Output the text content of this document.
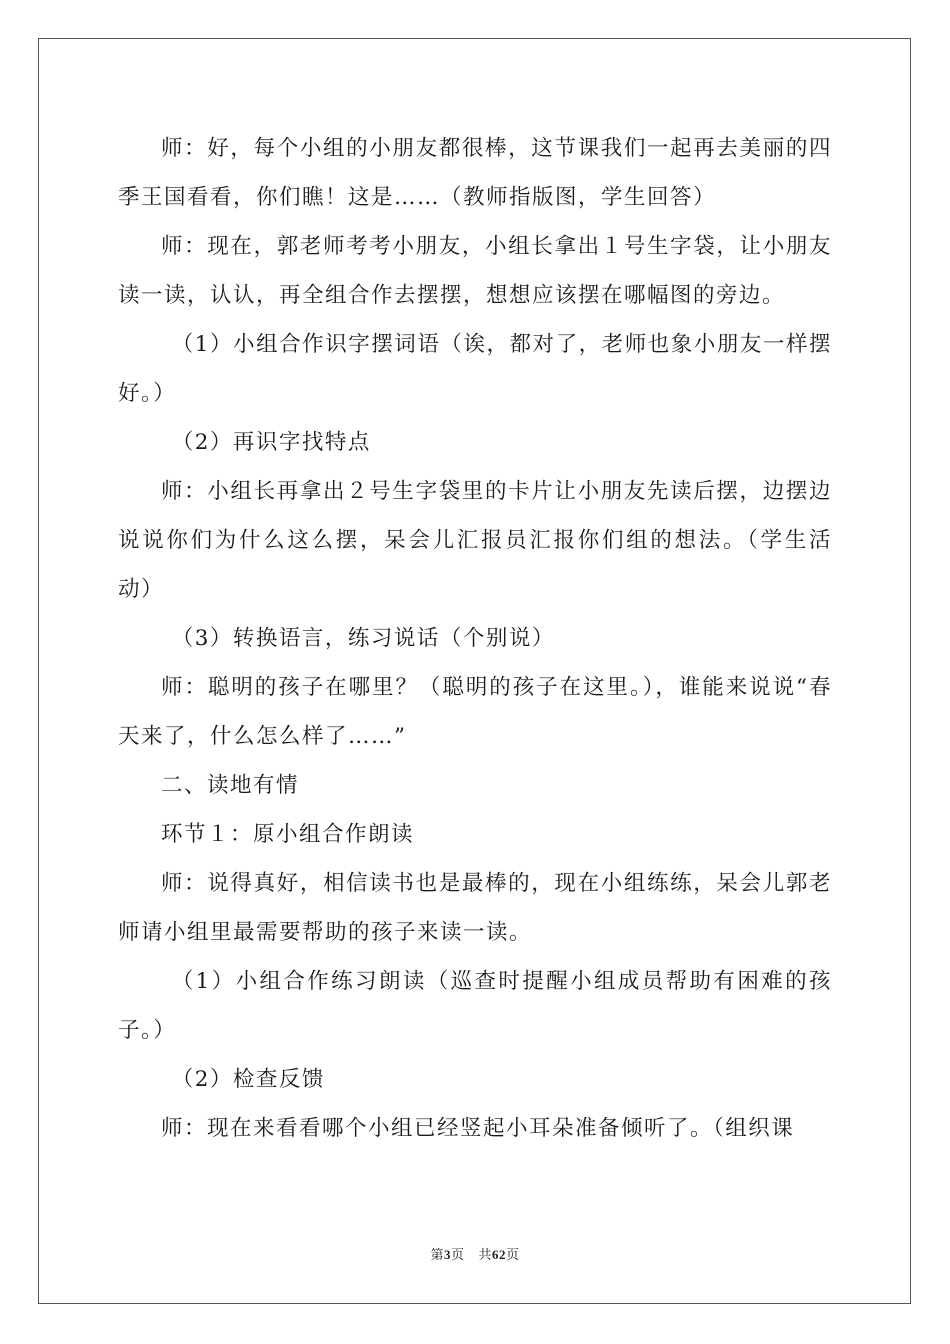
师：好，每个小组的小朋友都很棒，这节课我们一起再去美丽的四季王国看看，你们瞧！这是……（教师指版图，学生回答）

师：现在，郭老师考考小朋友，小组长拿出１号生字袋，让小朋友读一读，认认，再全组合作去摆摆，想想应该摆在哪幅图的旁边。

（1）小组合作识字摆词语（诶，都对了，老师也象小朋友一样摆好。）

（2）再识字找特点

师：小组长再拿出２号生字袋里的卡片让小朋友先读后摆，边摆边说说你们为什么这么摆，呆会儿汇报员汇报你们组的想法。（学生活动）

（3）转换语言，练习说话（个别说）

师：聪明的孩子在哪里？（聪明的孩子在这里。），谁能来说说“春天来了，什么怎么样了……”

二、读地有情

环节１：原小组合作朗读

师：说得真好，相信读书也是最棒的，现在小组练练，呆会儿郭老师请小组里最需要帮助的孩子来读一读。

（1）小组合作练习朗读（巡查时提醒小组成员帮助有困难的孩子。）

（2）检查反馈

师：现在来看看哪个小组已经竖起小耳朵准备倾听了。（组织课

第3页 共62页
